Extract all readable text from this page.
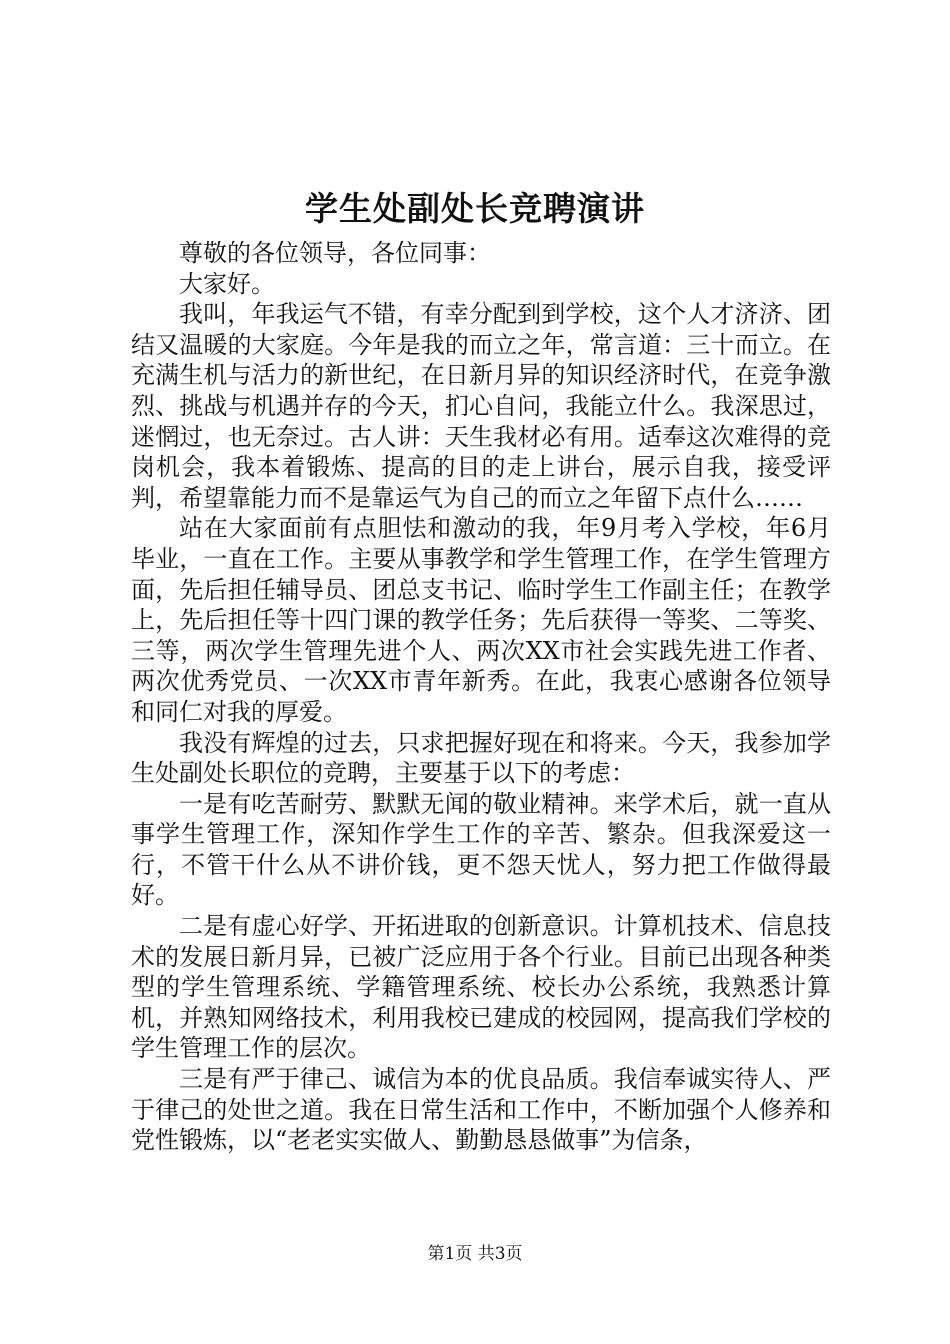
学生处副处长竞聘演讲

尊敬的各位领导，各位同事：

大家好。

我叫，年我运气不错，有幸分配到到学校，这个人才济济、团结又温暖的大家庭。今年是我的而立之年，常言道：三十而立。在充满生机与活力的新世纪，在日新月异的知识经济时代，在竞争激烈、挑战与机遇并存的今天，扪心自问，我能立什么。我深思过，迷惘过，也无奈过。古人讲：天生我材必有用。适奉这次难得的竞岗机会，我本着锻炼、提高的目的走上讲台，展示自我，接受评判，希望靠能力而不是靠运气为自己的而立之年留下点什么……

站在大家面前有点胆怯和激动的我，年9月考入学校，年6月毕业，一直在工作。主要从事教学和学生管理工作，在学生管理方面，先后担任辅导员、团总支书记、临时学生工作副主任；在教学上，先后担任等十四门课的教学任务；先后获得一等奖、二等奖、三等，两次学生管理先进个人、两次XX市社会实践先进工作者、两次优秀党员、一次XX市青年新秀。在此，我衷心感谢各位领导和同仁对我的厚爱。

我没有辉煌的过去，只求把握好现在和将来。今天，我参加学生处副处长职位的竞聘，主要基于以下的考虑：

一是有吃苦耐劳、默默无闻的敬业精神。来学术后，就一直从事学生管理工作，深知作学生工作的辛苦、繁杂。但我深爱这一行，不管干什么从不讲价钱，更不怨天忧人，努力把工作做得最好。

二是有虚心好学、开拓进取的创新意识。计算机技术、信息技术的发展日新月异，已被广泛应用于各个行业。目前已出现各种类型的学生管理系统、学籍管理系统、校长办公系统，我熟悉计算机，并熟知网络技术，利用我校已建成的校园网，提高我们学校的学生管理工作的层次。

三是有严于律己、诚信为本的优良品质。我信奉诚实待人、严于律己的处世之道。我在日常生活和工作中，不断加强个人修养和党性锻炼，以“老老实实做人、勤勤恳恳做事”为信条，

第1页 共3页
